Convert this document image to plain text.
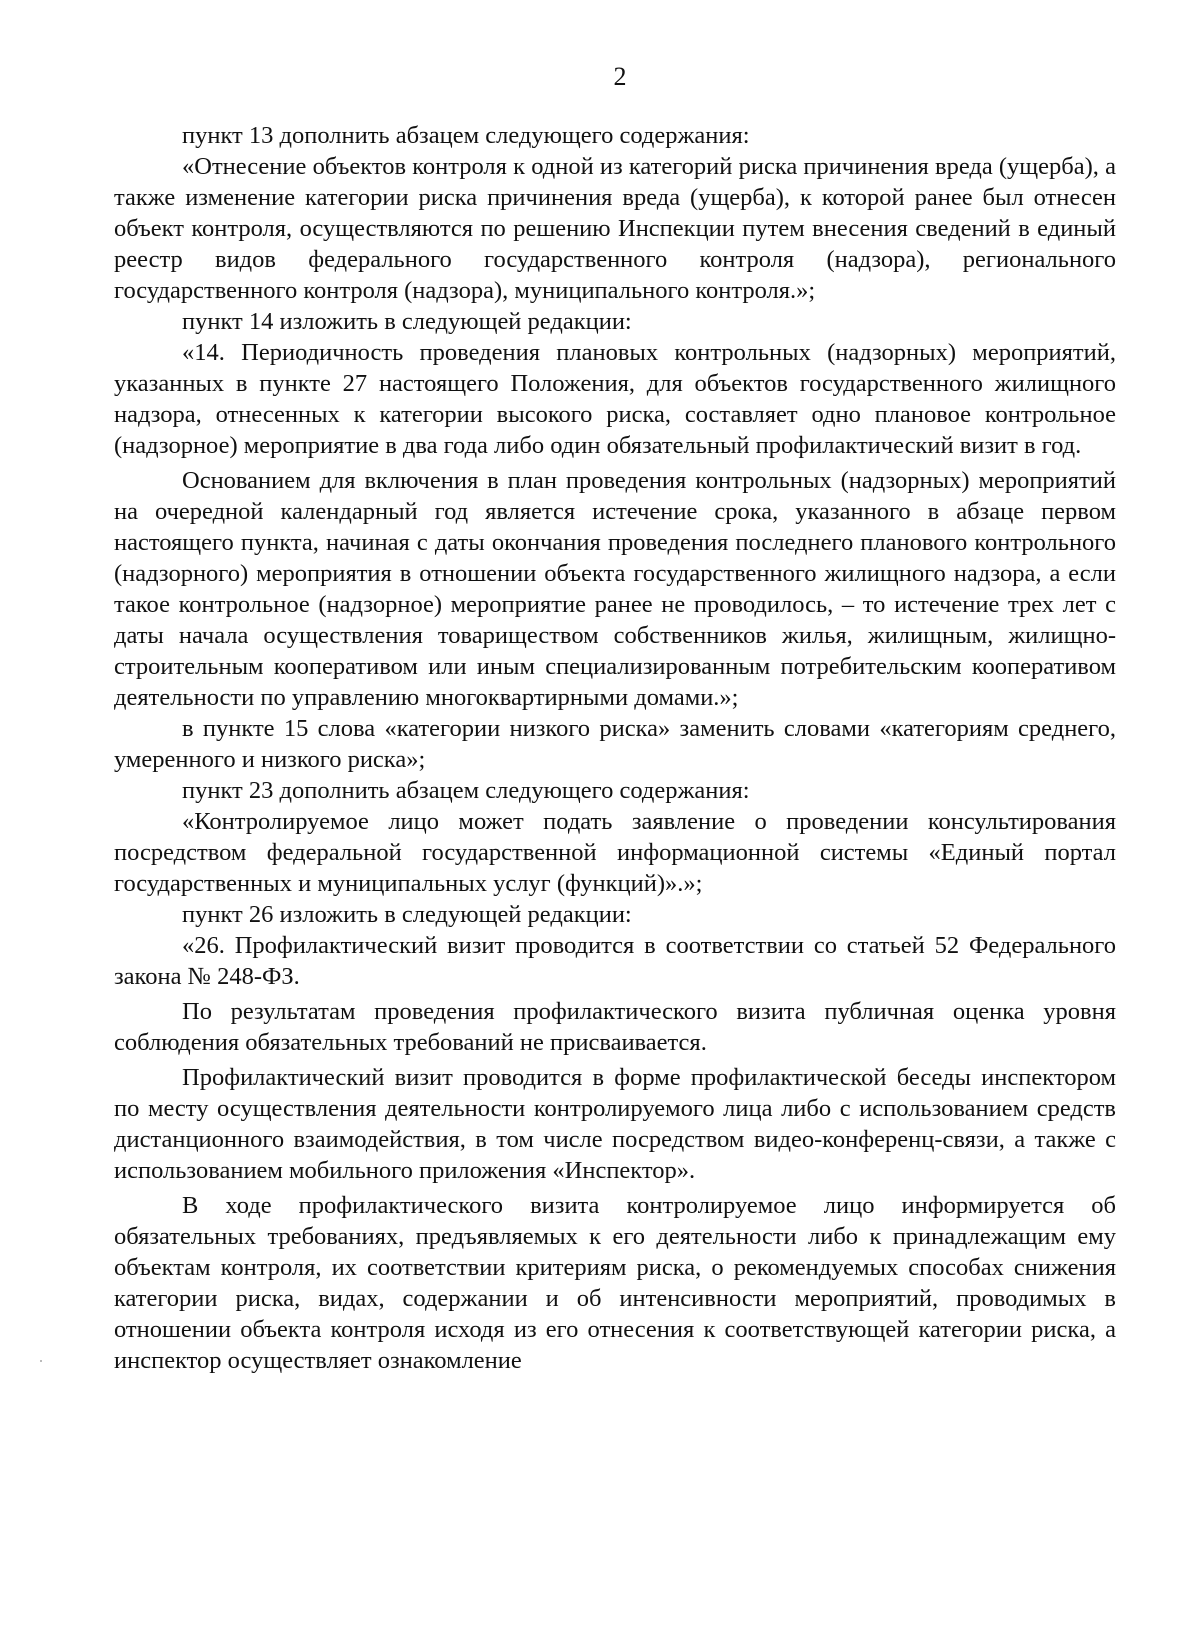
2

пункт 13 дополнить абзацем следующего содержания:

«Отнесение объектов контроля к одной из категорий риска причинения вреда (ущерба), а также изменение категории риска причинения вреда (ущерба), к которой ранее был отнесен объект контроля, осуществляются по решению Инспекции путем внесения сведений в единый реестр видов федерального государственного контроля (надзора), регионального государственного контроля (надзора), муниципального контроля.»;

пункт 14 изложить в следующей редакции:

«14. Периодичность проведения плановых контрольных (надзорных) мероприятий, указанных в пункте 27 настоящего Положения, для объектов государственного жилищного надзора, отнесенных к категории высокого риска, составляет одно плановое контрольное (надзорное) мероприятие в два года либо один обязательный профилактический визит в год.

Основанием для включения в план проведения контрольных (надзорных) мероприятий на очередной календарный год является истечение срока, указанного в абзаце первом настоящего пункта, начиная с даты окончания проведения последнего планового контрольного (надзорного) мероприятия в отношении объекта государственного жилищного надзора, а если такое контрольное (надзорное) мероприятие ранее не проводилось, – то истечение трех лет с даты начала осуществления товариществом собственников жилья, жилищным, жилищно-строительным кооперативом или иным специализированным потребительским кооперативом деятельности по управлению многоквартирными домами.»;

в пункте 15 слова «категории низкого риска» заменить словами «категориям среднего, умеренного и низкого риска»;

пункт 23 дополнить абзацем следующего содержания:

«Контролируемое лицо может подать заявление о проведении консультирования посредством федеральной государственной информационной системы «Единый портал государственных и муниципальных услуг (функций)».»;

пункт 26 изложить в следующей редакции:

«26. Профилактический визит проводится в соответствии со статьей 52 Федерального закона № 248-ФЗ.

По результатам проведения профилактического визита публичная оценка уровня соблюдения обязательных требований не присваивается.

Профилактический визит проводится в форме профилактической беседы инспектором по месту осуществления деятельности контролируемого лица либо с использованием средств дистанционного взаимодействия, в том числе посредством видео-конференц-связи, а также с использованием мобильного приложения «Инспектор».

В ходе профилактического визита контролируемое лицо информируется об обязательных требованиях, предъявляемых к его деятельности либо к принадлежащим ему объектам контроля, их соответствии критериям риска, о рекомендуемых способах снижения категории риска, видах, содержании и об интенсивности мероприятий, проводимых в отношении объекта контроля исходя из его отнесения к соответствующей категории риска, а инспектор осуществляет ознакомление
